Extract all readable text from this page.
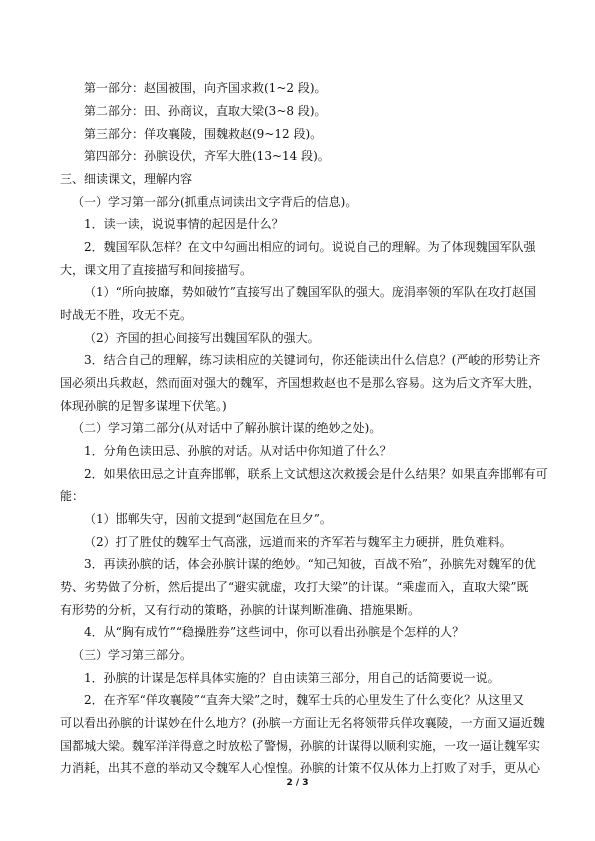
第一部分：赵国被围，向齐国求救(1~2 段)。
第二部分：田、孙商议，直取大梁(3~8 段)。
第三部分：佯攻襄陵，围魏救赵(9~12 段)。
第四部分：孙膑设伏，齐军大胜(13~14 段)。
三、细读课文，理解内容
（一）学习第一部分(抓重点词读出文字背后的信息)。
1．读一读，说说事情的起因是什么？
2．魏国军队怎样？在文中勾画出相应的词句。说说自己的理解。为了体现魏国军队强
大，课文用了直接描写和间接描写。
（1）“所向披靡，势如破竹”直接写出了魏国军队的强大。庞涓率领的军队在攻打赵国
时战无不胜，攻无不克。
（2）齐国的担心间接写出魏国军队的强大。
3．结合自己的理解，练习读相应的关键词句，你还能读出什么信息？(严峻的形势让齐
国必须出兵救赵，然而面对强大的魏军，齐国想救赵也不是那么容易。这为后文齐军大胜，
体现孙膑的足智多谋埋下伏笔。)
（二）学习第二部分(从对话中了解孙膑计谋的绝妙之处)。
1．分角色读田忌、孙膑的对话。从对话中你知道了什么？
2．如果依田忌之计直奔邯郸，联系上文试想这次救援会是什么结果？如果直奔邯郸有可
能：
（1）邯郸失守，因前文提到“赵国危在旦夕”。
（2）打了胜仗的魏军士气高涨，远道而来的齐军若与魏军主力硬拼，胜负难料。
3．再读孙膑的话，体会孙膑计谋的绝妙。“知己知彼，百战不殆”，孙膑先对魏军的优
势、劣势做了分析，然后提出了“避实就虚，攻打大梁”的计谋。“乘虚而入，直取大梁”既
有形势的分析，又有行动的策略，孙膑的计谋判断准确、措施果断。
4．从“胸有成竹”“稳操胜券”这些词中，你可以看出孙膑是个怎样的人？
（三）学习第三部分。
1．孙膑的计谋是怎样具体实施的？自由读第三部分，用自己的话简要说一说。
2．在齐军“佯攻襄陵”“直奔大梁”之时，魏军士兵的心里发生了什么变化？从这里又
可以看出孙膑的计谋妙在什么地方？(孙膑一方面让无名将领带兵佯攻襄陵，一方面又逼近魏
国都城大梁。魏军洋洋得意之时放松了警惕，孙膑的计谋得以顺利实施，一攻一逼让魏军实
力消耗，出其不意的举动又令魏军人心惶惶。孙膑的计策不仅从体力上打败了对手，更从心
2 / 3
